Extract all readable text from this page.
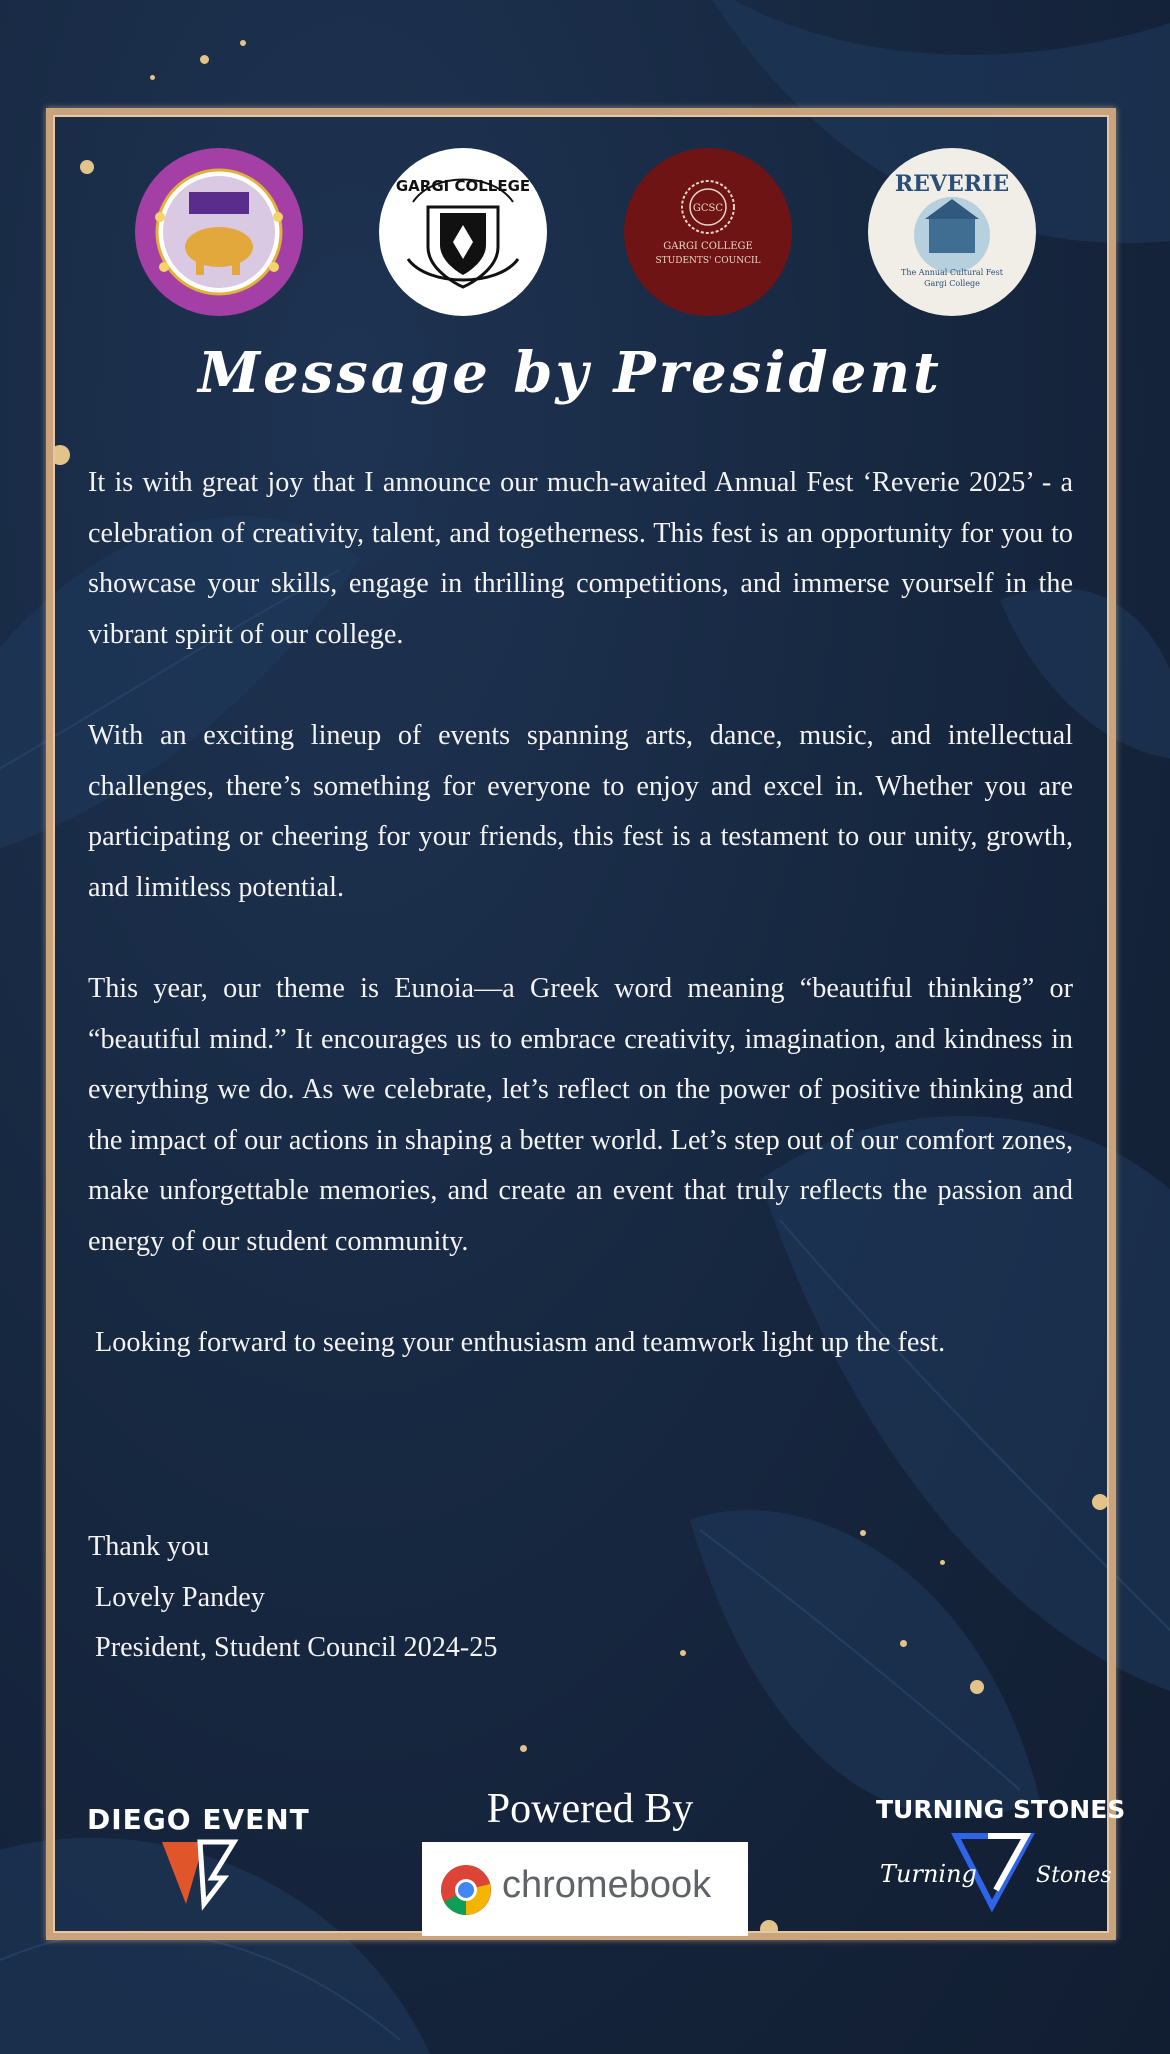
GARGI COLLEGE
GCSC
GARGI COLLEGE
STUDENTS' COUNCIL
REVERIE
The Annual Cultural Fest
Gargi College
Message by President

It is with great joy that I announce our much-awaited Annual Fest ‘Reverie 2025’ - a celebration of creativity, talent, and togetherness. This fest is an opportunity for you to showcase your skills, engage in thrilling competitions, and immerse yourself in the vibrant spirit of our college.

With an exciting lineup of events spanning arts, dance, music, and intellectual challenges, there’s something for everyone to enjoy and excel in. Whether you are participating or cheering for your friends, this fest is a testament to our unity, growth, and limitless potential.

This year, our theme is Eunoia—a Greek word meaning “beautiful thinking” or “beautiful mind.” It encourages us to embrace creativity, imagination, and kindness in everything we do. As we celebrate, let’s reflect on the power of positive thinking and the impact of our actions in shaping a better world. Let’s step out of our comfort zones, make unforgettable memories, and create an event that truly reflects the passion and energy of our student community.

Looking forward to seeing your enthusiasm and teamwork light up the fest.

Thank you
Lovely Pandey
President, Student Council 2024-25
DIEGO EVENT	Powered By
chromebook
TURNING STONES
Turning	Stones
